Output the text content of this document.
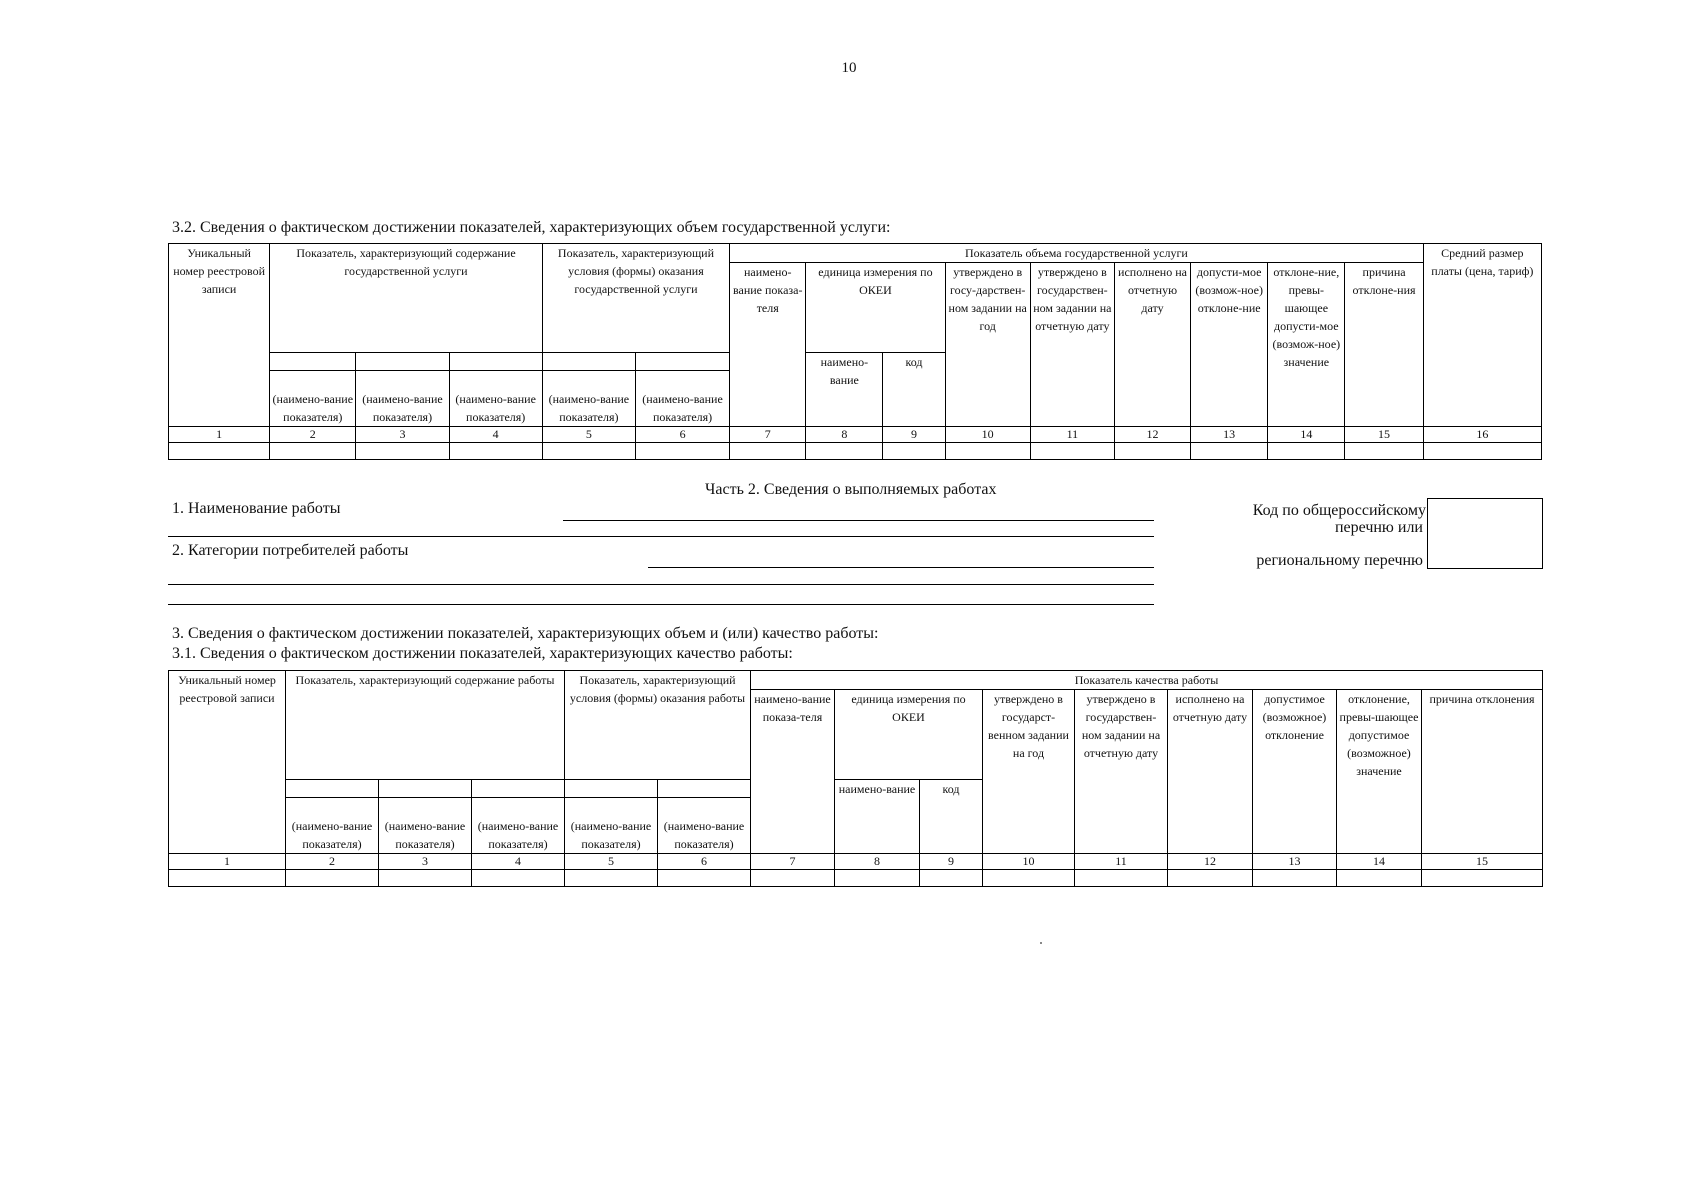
10
3.2. Сведения о фактическом достижении показателей, характеризующих объем государственной услуги:
Уникальный номер реестровой записи	Показатель, характеризующий содержание государственной услуги			Показатель, характеризующий условия (формы) оказания государственной услуги		Показатель объема государственной услуги									Средний размер платы (цена, тариф)
						наимено-вание показа-теля	единица измерения по ОКЕИ		утверждено в госу-дарствен-ном задании на год	утверждено в государствен-ном задании на отчетную дату	исполнено на отчетную дату	допусти-мое (возмож-ное) отклоне-ние	отклоне-ние, превы-шающее допусти-мое (возмож-ное) значение	причина отклоне-ния	
							наимено-вание	код							
	(наимено-вание показателя)	(наимено-вание показателя)	(наимено-вание показателя)	(наимено-вание показателя)	(наимено-вание показателя)										
1	2	3	4	5	6	7	8	9	10	11	12	13	14	15	16

Часть 2. Сведения о выполняемых работах
1. Наименование работы
2. Категории потребителей работы
Код по общероссийскому
перечню или
региональному перечню
3. Сведения о фактическом достижении показателей, характеризующих объем и (или) качество работы:
3.1. Сведения о фактическом достижении показателей, характеризующих качество работы:
Уникальный номер реестровой записи	Показатель, характеризующий содержание работы			Показатель, характеризующий условия (формы) оказания работы		Показатель качества работы								
						наимено-вание показа-теля	единица измерения по ОКЕИ		утверждено в государст-венном задании на год	утверждено в государствен-ном задании на отчетную дату	исполнено на отчетную дату	допустимое (возможное) отклонение	отклонение, превы-шающее допустимое (возможное) значение	причина отклонения
							наимено-вание	код						
	(наимено-вание показателя)	(наимено-вание показателя)	(наимено-вание показателя)	(наимено-вание показателя)	(наимено-вание показателя)									
1	2	3	4	5	6	7	8	9	10	11	12	13	14	15
